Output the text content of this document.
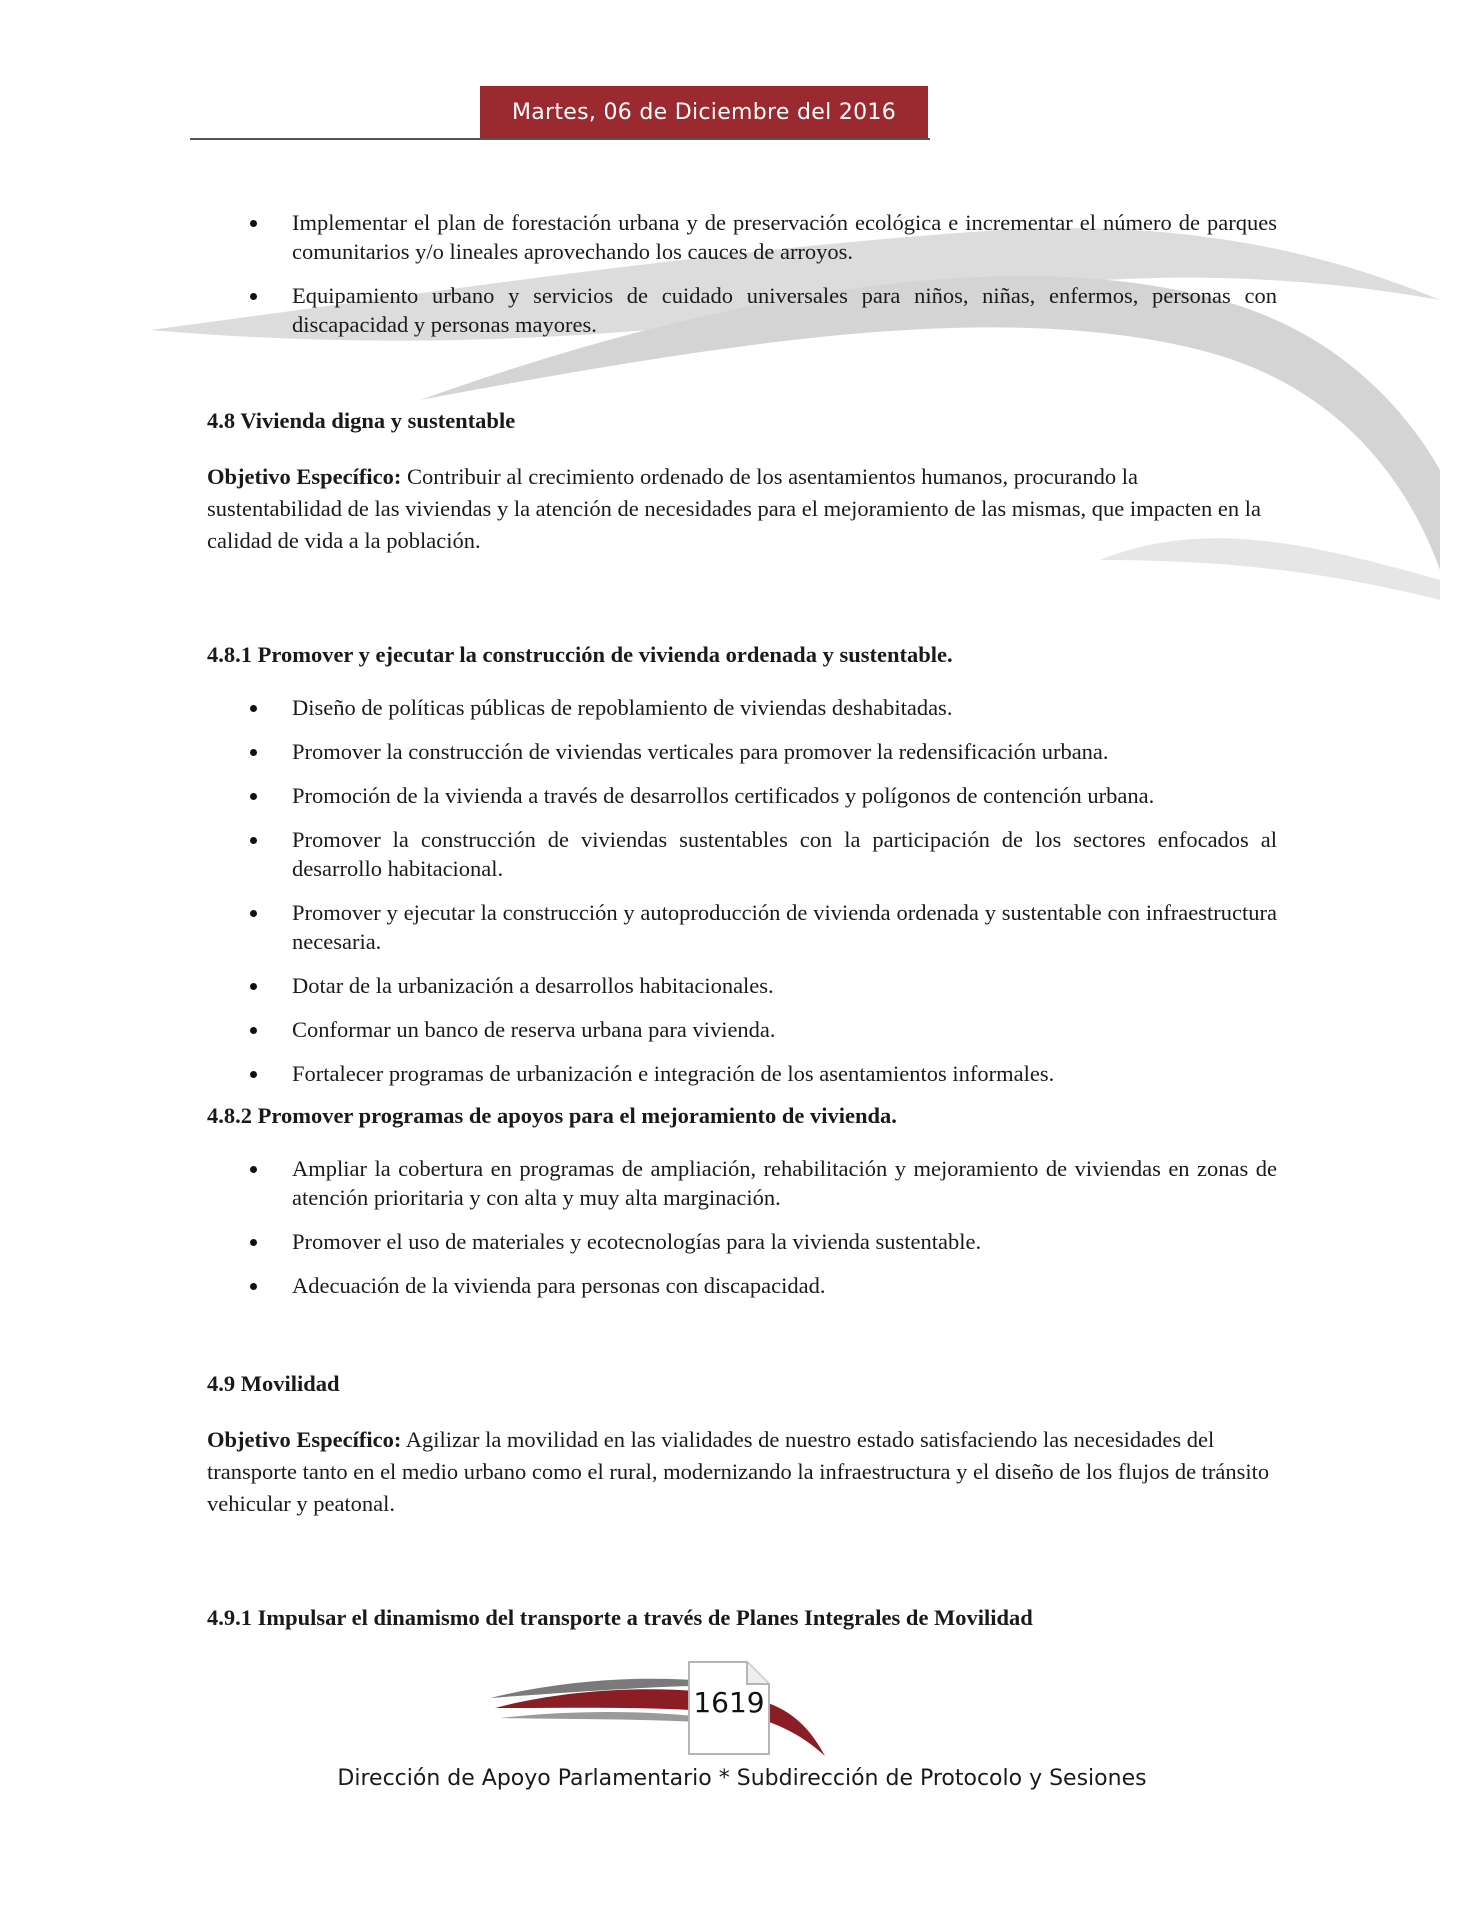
Martes, 06 de Diciembre del 2016
Implementar el plan de forestación urbana y de preservación ecológica e incrementar el número de parques comunitarios y/o lineales aprovechando los cauces de arroyos.
Equipamiento urbano y servicios de cuidado universales para niños, niñas, enfermos, personas con discapacidad y personas mayores.
4.8 Vivienda digna y sustentable
Objetivo Específico: Contribuir al crecimiento ordenado de los asentamientos humanos, procurando la sustentabilidad de las viviendas y la atención de necesidades para el mejoramiento de las mismas, que impacten en la calidad de vida a la población.
4.8.1 Promover y ejecutar la construcción de vivienda ordenada y sustentable.
Diseño de políticas públicas de repoblamiento de viviendas deshabitadas.
Promover la construcción de viviendas verticales para promover la redensificación urbana.
Promoción de la vivienda a través de desarrollos certificados y polígonos de contención urbana.
Promover la construcción de viviendas sustentables con la participación de los sectores enfocados al desarrollo habitacional.
Promover y ejecutar la construcción y autoproducción de vivienda ordenada y sustentable con infraestructura necesaria.
Dotar de la urbanización a desarrollos habitacionales.
Conformar un banco de reserva urbana para vivienda.
Fortalecer programas de urbanización e integración de los asentamientos informales.
4.8.2 Promover programas de apoyos para el mejoramiento de vivienda.
Ampliar la cobertura en programas de ampliación, rehabilitación y mejoramiento de viviendas en zonas de atención prioritaria y con alta y muy alta marginación.
Promover el uso de materiales y ecotecnologías para la vivienda sustentable.
Adecuación de la vivienda para personas con discapacidad.
4.9 Movilidad
Objetivo Específico: Agilizar la movilidad en las vialidades de nuestro estado satisfaciendo las necesidades del transporte tanto en el medio urbano como el rural, modernizando la infraestructura y el diseño de los flujos de tránsito vehicular y peatonal.
4.9.1 Impulsar el dinamismo del transporte a través de Planes Integrales de Movilidad
1619
Dirección de Apoyo Parlamentario * Subdirección de Protocolo y Sesiones
